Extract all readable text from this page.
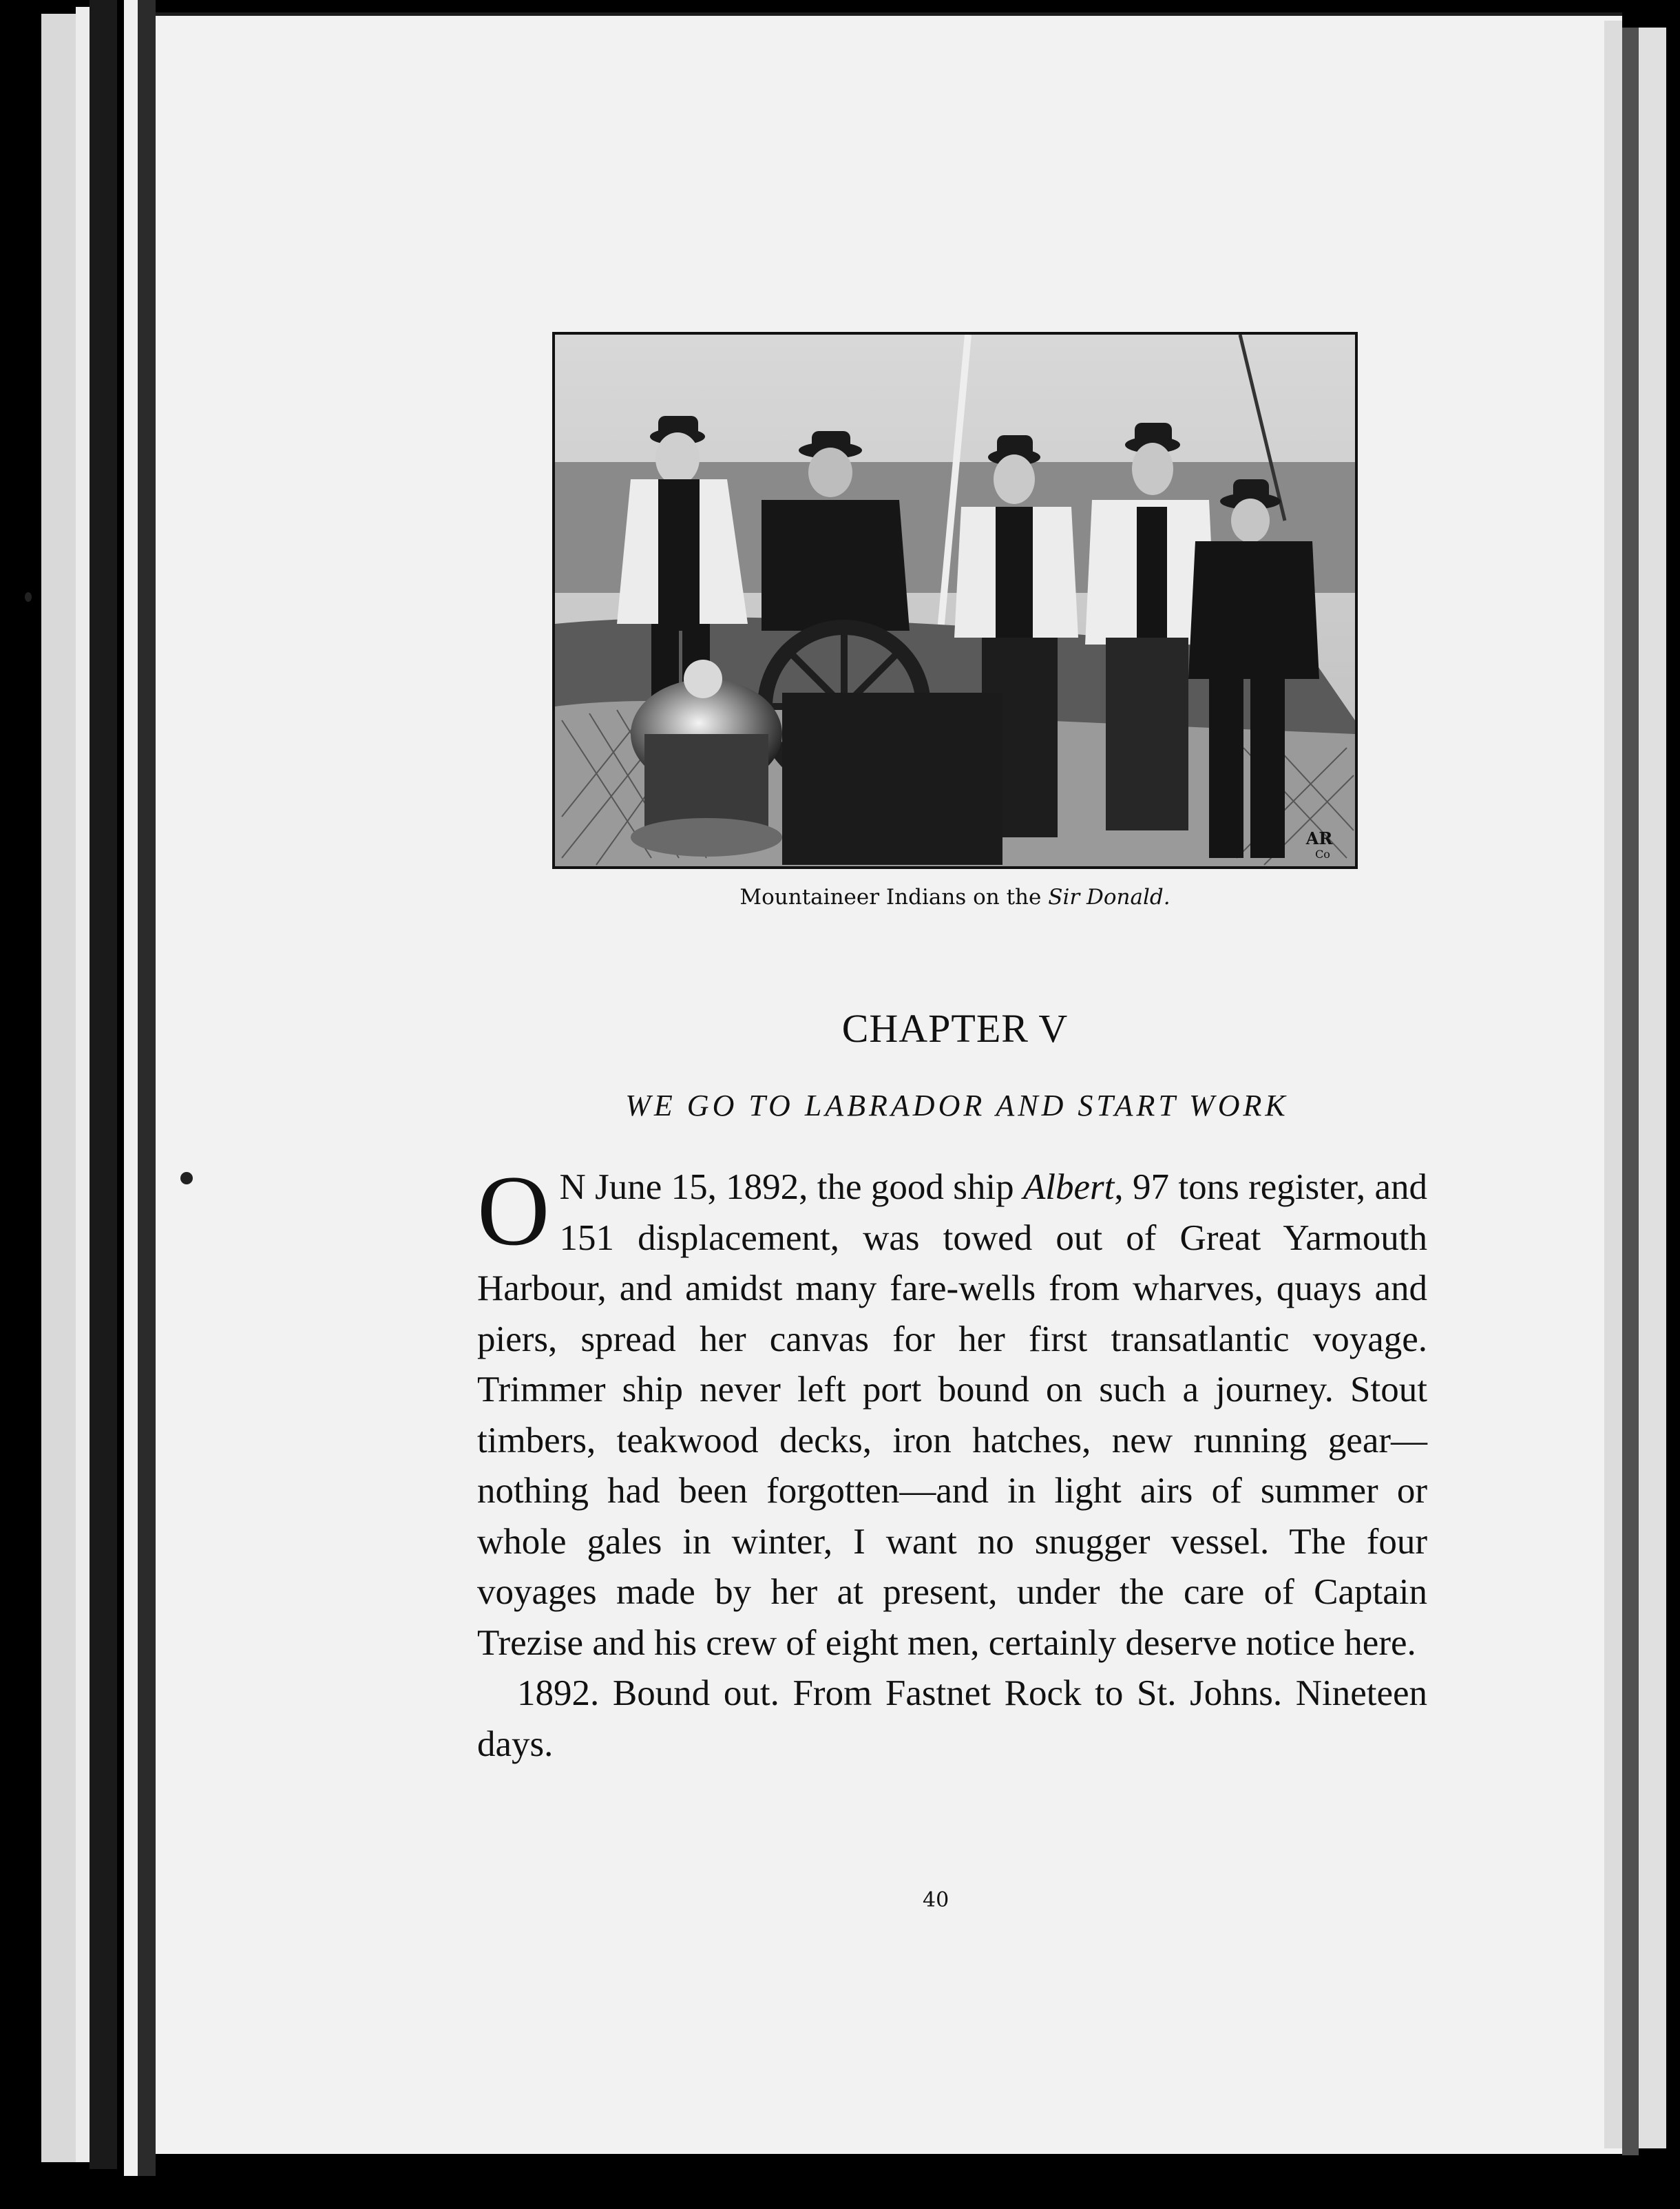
AR
Co
Mountaineer Indians on the Sir Donald.
CHAPTER V
WE GO TO LABRADOR AND START WORK

O N June 15, 1892, the good ship Albert, 97 tons register, and 151 displacement, was towed out of Great Yarmouth Harbour, and amidst many fare-wells from wharves, quays and piers, spread her canvas for her first transatlantic voyage. Trimmer ship never left port bound on such a journey. Stout timbers, teakwood decks, iron hatches, new running gear—nothing had been forgotten—and in light airs of summer or whole gales in winter, I want no snugger vessel. The four voyages made by her at present, under the care of Captain Trezise and his crew of eight men, certainly deserve notice here.

1892. Bound out. From Fastnet Rock to St. Johns. Nineteen days.

40
